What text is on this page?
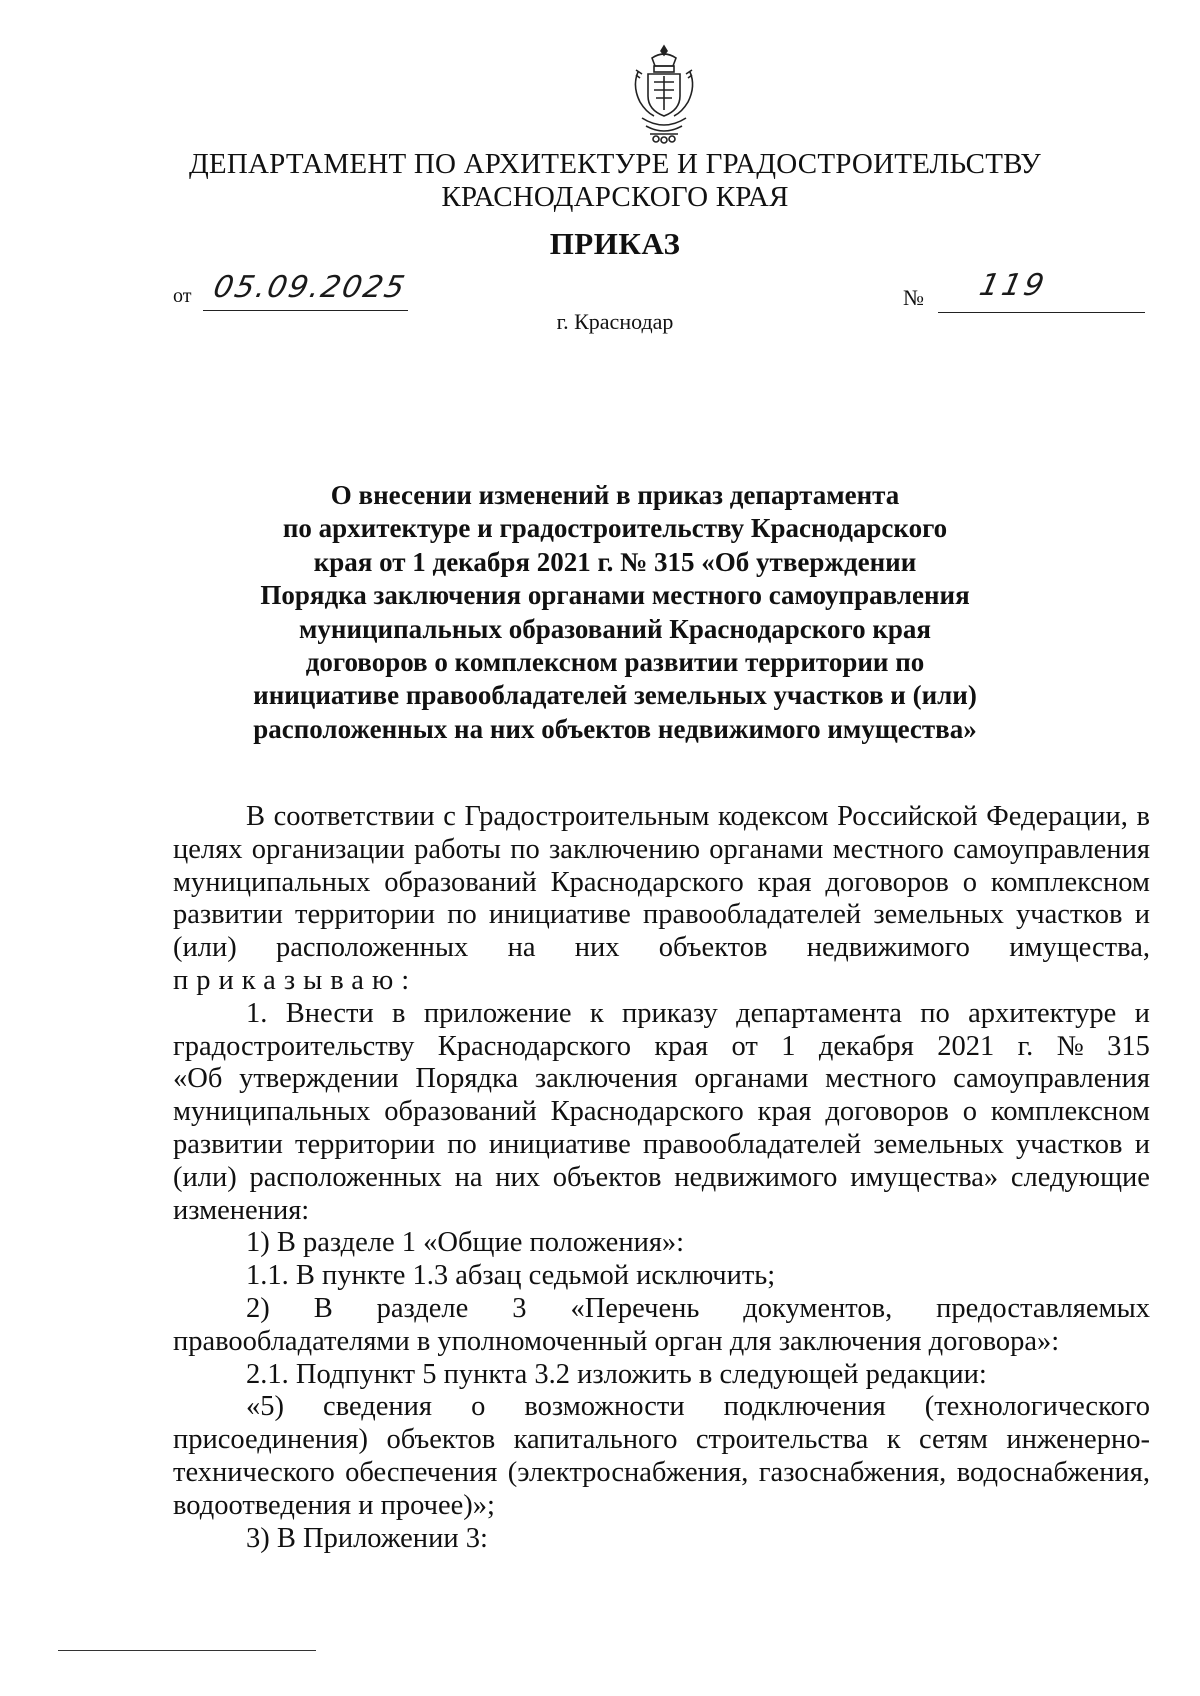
ДЕПАРТАМЕНТ ПО АРХИТЕКТУРЕ И ГРАДОСТРОИТЕЛЬСТВУ
КРАСНОДАРСКОГО КРАЯ
ПРИКАЗ
от 05.09.2025	№ 119
г. Краснодар
О внесении изменений в приказ департамента
по архитектуре и градостроительству Краснодарского
края от 1 декабря 2021 г. № 315 «Об утверждении
Порядка заключения органами местного самоуправления
муниципальных образований Краснодарского края
договоров о комплексном развитии территории по
инициативе правообладателей земельных участков и (или)
расположенных на них объектов недвижимого имущества»
В соответствии с Градостроительным кодексом Российской Федерации, в
целях организации работы по заключению органами местного самоуправления
муниципальных образований Краснодарского края договоров о комплексном
развитии территории по инициативе правообладателей земельных участков и
(или) расположенных на них объектов недвижимого имущества,
приказываю:
1. Внести в приложение к приказу департамента по архитектуре и
градостроительству Краснодарского края от 1 декабря 2021 г. № 315
«Об утверждении Порядка заключения органами местного самоуправления
муниципальных образований Краснодарского края договоров о комплексном
развитии территории по инициативе правообладателей земельных участков и
(или) расположенных на них объектов недвижимого имущества» следующие
изменения:
1) В разделе 1 «Общие положения»:
1.1. В пункте 1.3 абзац седьмой исключить;
2) В разделе 3 «Перечень документов, предоставляемых
правообладателями в уполномоченный орган для заключения договора»:
2.1. Подпункт 5 пункта 3.2 изложить в следующей редакции:
«5) сведения о возможности подключения (технологического
присоединения) объектов капитального строительства к сетям инженерно-
технического обеспечения (электроснабжения, газоснабжения, водоснабжения,
водоотведения и прочее)»;
3) В Приложении 3:
